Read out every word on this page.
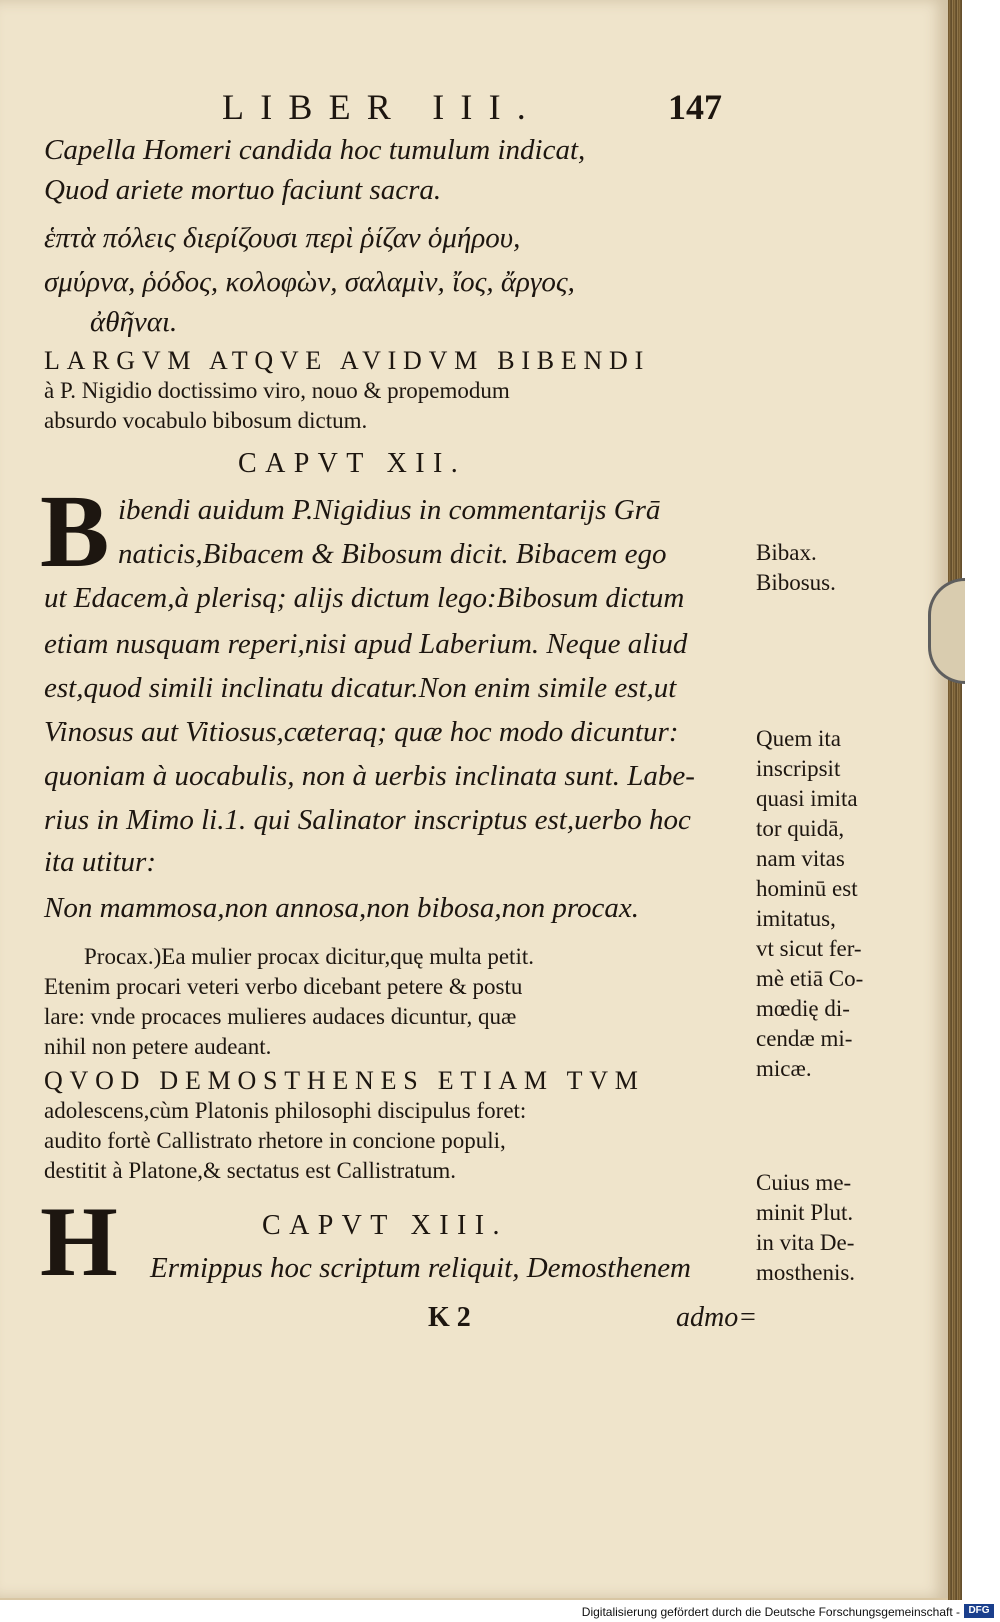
LIBER III.	147
Capella Homeri candida hoc tumulum indicat,
Quod ariete mortuo faciunt sacra.
ἑπτὰ πόλεις διερίζουσι περὶ ῥίζαν ὁμήρου,
σμύρνα, ῥόδος, κολοφὼν, σαλαμὶν, ἴος, ἄργος,
ἀθῆναι.
LARGVM ATQVE AVIDVM BIBENDI
à P. Nigidio doctissimo viro, nouo & propemodum
absurdo vocabulo bibosum dictum.
CAPVT XII.
B ibendi auidum P.Nigidius in commentarijs Grā
naticis,Bibacem & Bibosum dicit. Bibacem ego
ut Edacem,à plerisq; alijs dictum lego:Bibosum dictum
etiam nusquam reperi,nisi apud Laberium. Neque aliud
est,quod simili inclinatu dicatur.Non enim simile est,ut
Vinosus aut Vitiosus,cæteraq; quæ hoc modo dicuntur:
quoniam à uocabulis, non à uerbis inclinata sunt. Labe-
rius in Mimo li.1. qui Salinator inscriptus est,uerbo hoc
ita utitur:
Non mammosa,non annosa,non bibosa,non procax.
Procax.)Ea mulier procax dicitur,quę multa petit.
Etenim procari veteri verbo dicebant petere & postu
lare: vnde procaces mulieres audaces dicuntur, quæ
nihil non petere audeant.
QVOD DEMOSTHENES ETIAM TVM
adolescens,cùm Platonis philosophi discipulus foret:
audito fortè Callistrato rhetore in concione populi,
destitit à Platone,& sectatus est Callistratum.
H	CAPVT XIII.
Ermippus hoc scriptum reliquit, Demosthenem
K 2	admo=
Bibax.
Bibosus.
Quem ita
inscripsit
quasi imita
tor quidā,
nam vitas
hominū est
imitatus,
vt sicut fer-
mè etiā Co-
mœdię di-
cendæ mi-
micæ.
Cuius me-
minit Plut.
in vita De-
mosthenis.
Digitalisierung gefördert durch die Deutsche Forschungsgemeinschaft - DFG
